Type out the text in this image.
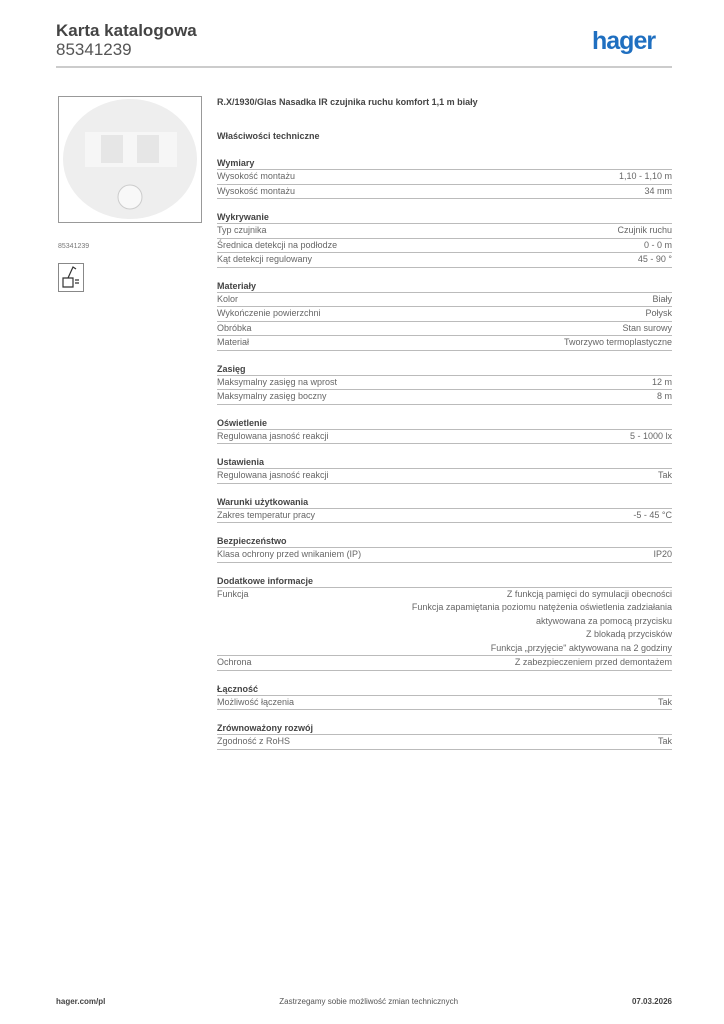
Karta katalogowa
85341239	hager
85341239
R.X/1930/Glas Nasadka IR czujnika ruchu komfort 1,1 m biały
Właściwości techniczne
Wymiary
Wysokość montażu	1,10 - 1,10 m
Wysokość montażu	34 mm
Wykrywanie
Typ czujnika	Czujnik ruchu
Średnica detekcji na podłodze	0 - 0 m
Kąt detekcji regulowany	45 - 90 °
Materiały
Kolor	Biały
Wykończenie powierzchni	Połysk
Obróbka	Stan surowy
Materiał	Tworzywo termoplastyczne
Zasięg
Maksymalny zasięg na wprost	12 m
Maksymalny zasięg boczny	8 m
Oświetlenie
Regulowana jasność reakcji	5 - 1000 lx
Ustawienia
Regulowana jasność reakcji	Tak
Warunki użytkowania
Zakres temperatur pracy	-5 - 45 °C
Bezpieczeństwo
Klasa ochrony przed wnikaniem (IP)	IP20
Dodatkowe informacje
Funkcja	Z funkcją pamięci do symulacji obecności
Funkcja zapamiętania poziomu natężenia oświetlenia zadziałania
aktywowana za pomocą przycisku
Z blokadą przycisków
Funkcja „przyjęcie" aktywowana na 2 godziny
Ochrona	Z zabezpieczeniem przed demontażem
Łączność
Możliwość łączenia	Tak
Zrównoważony rozwój
Zgodność z RoHS	Tak
hager.com/pl	Zastrzegamy sobie możliwość zmian technicznych	07.03.2026
